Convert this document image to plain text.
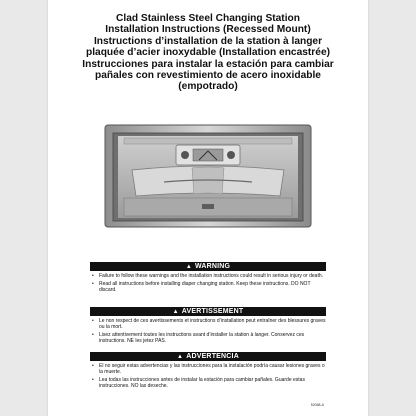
Clad Stainless Steel Changing Station
Installation Instructions (Recessed Mount)
Instructions d’installation de la station à langer
plaquée d’acier inoxydable (Installation encastrée)
Instrucciones para instalar la estación para cambiar
pañales con revestimiento de acero inoxidable
(empotrado)
▲ WARNING
• Failure to follow these warnings and the installation instructions could result in serious injury or death.
• Read all instructions before installing diaper changing station. Keep these instructions. DO NOT discard.
▲ AVERTISSEMENT
• Le non respect de ces avertissements et instructions d’installation peut entraîner des blessures graves ou la mort.
• Lisez attentivement toutes les instructions avant d’installer la station à langer. Conservez ces instructions. NE les jetez PAS.
▲ ADVERTENCIA
• El no seguir estas advertencias y las instrucciones para la instalación podría causar lesiones graves o la muerte.
• Lea todas las instrucciones antes de instalar la estación para cambiar pañales. Guarde estas instrucciones. NO las deseche.
52068-A
